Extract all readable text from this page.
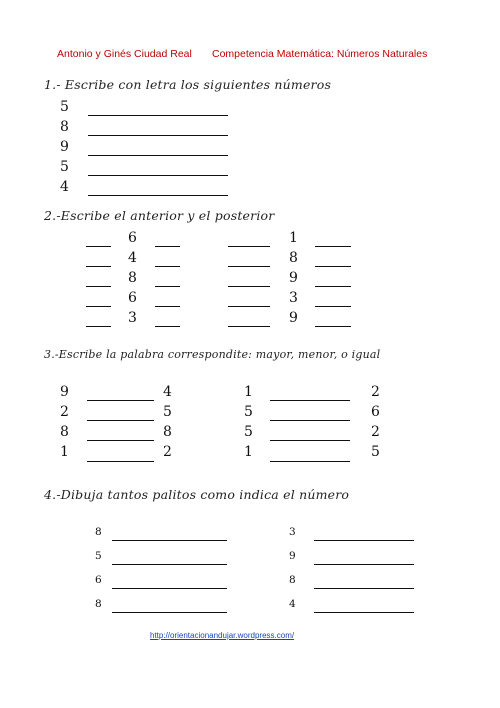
Antonio y Ginés Ciudad Real Competencia Matemática: Números Naturales
1.- Escribe con letra los siguientes números
5
8
9
5
4
2.-Escribe el anterior y el posterior
6
4
8
6
3
1
8
9
3
9
3.-Escribe la palabra correspondite: mayor, menor, o igual
9	4
2	5
8	8
1	2
1	2
5	6
5	2
1	5
4.-Dibuja tantos palitos como indica el número
8
5
6
8
3
9
8
4
http://orientacionandujar.wordpress.com/
